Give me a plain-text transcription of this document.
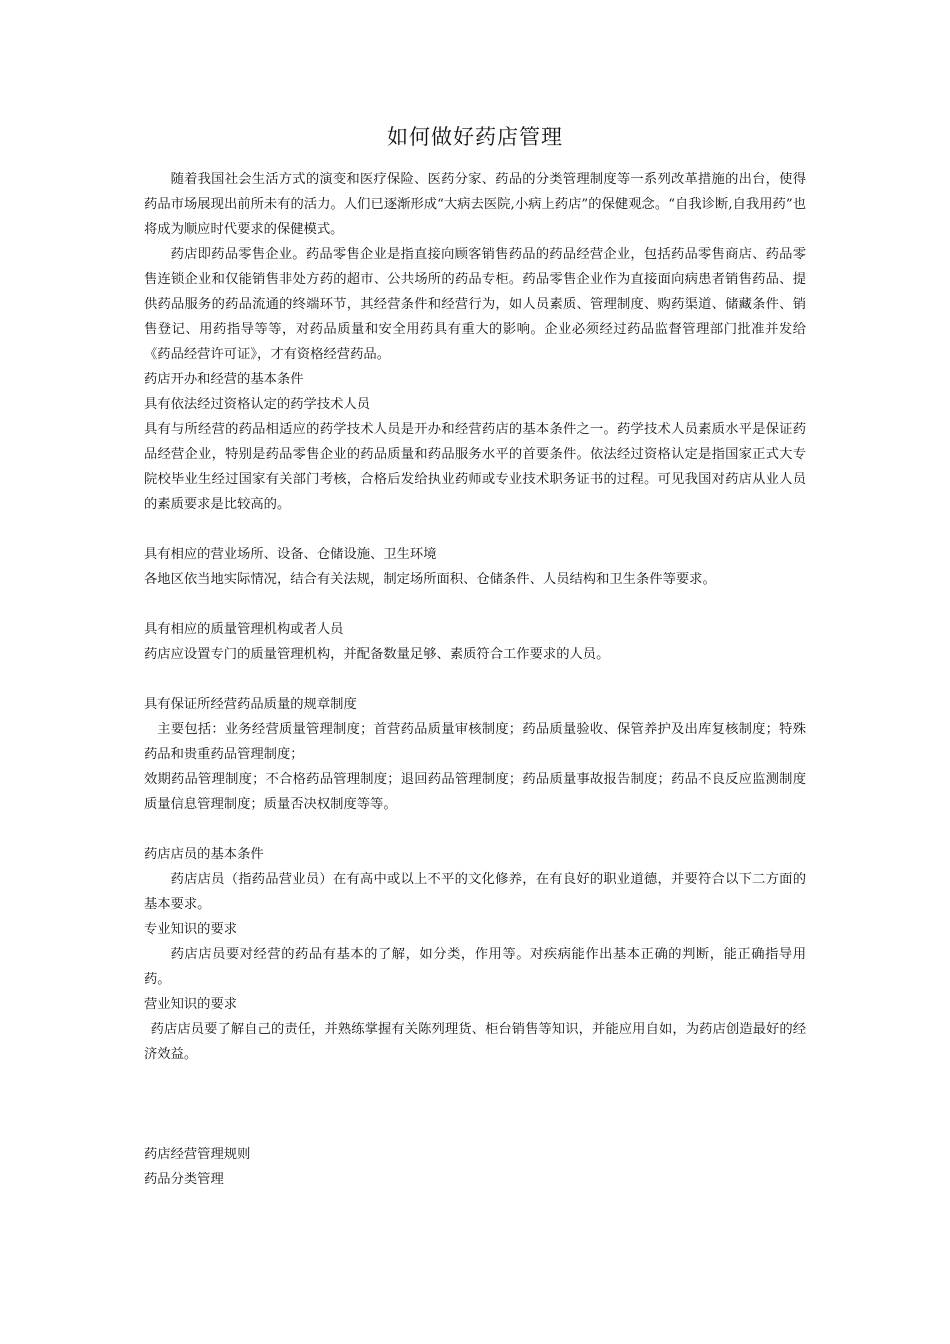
如何做好药店管理

随着我国社会生活方式的演变和医疗保险、医药分家、药品的分类管理制度等一系列改革措施的出台，使得药品市场展现出前所未有的活力。人们已逐渐形成“大病去医院,小病上药店”的保健观念。“自我诊断,自我用药”也将成为顺应时代要求的保健模式。

药店即药品零售企业。药品零售企业是指直接向顾客销售药品的药品经营企业，包括药品零售商店、药品零售连锁企业和仅能销售非处方药的超市、公共场所的药品专柜。药品零售企业作为直接面向病患者销售药品、提供药品服务的药品流通的终端环节，其经营条件和经营行为，如人员素质、管理制度、购药渠道、储藏条件、销售登记、用药指导等等，对药品质量和安全用药具有重大的影响。企业必须经过药品监督管理部门批准并发给《药品经营许可证》，才有资格经营药品。

药店开办和经营的基本条件

具有依法经过资格认定的药学技术人员

具有与所经营的药品相适应的药学技术人员是开办和经营药店的基本条件之一。药学技术人员素质水平是保证药品经营企业，特别是药品零售企业的药品质量和药品服务水平的首要条件。依法经过资格认定是指国家正式大专院校毕业生经过国家有关部门考核，合格后发给执业药师或专业技术职务证书的过程。可见我国对药店从业人员的素质要求是比较高的。

具有相应的营业场所、设备、仓储设施、卫生环境

各地区依当地实际情况，结合有关法规，制定场所面积、仓储条件、人员结构和卫生条件等要求。

具有相应的质量管理机构或者人员

药店应设置专门的质量管理机构，并配备数量足够、素质符合工作要求的人员。

具有保证所经营药品质量的规章制度

主要包括：业务经营质量管理制度；首营药品质量审核制度；药品质量验收、保管养护及出库复核制度；特殊药品和贵重药品管理制度；

效期药品管理制度；不合格药品管理制度；退回药品管理制度；药品质量事故报告制度；药品不良反应监测制度质量信息管理制度；质量否决权制度等等。

药店店员的基本条件

药店店员（指药品营业员）在有高中或以上不平的文化修养，在有良好的职业道德，并要符合以下二方面的基本要求。

专业知识的要求

药店店员要对经营的药品有基本的了解，如分类，作用等。对疾病能作出基本正确的判断，能正确指导用药。

营业知识的要求

药店店员要了解自己的责任，并熟练掌握有关陈列理货、柜台销售等知识，并能应用自如，为药店创造最好的经济效益。

药店经营管理规则

药品分类管理
